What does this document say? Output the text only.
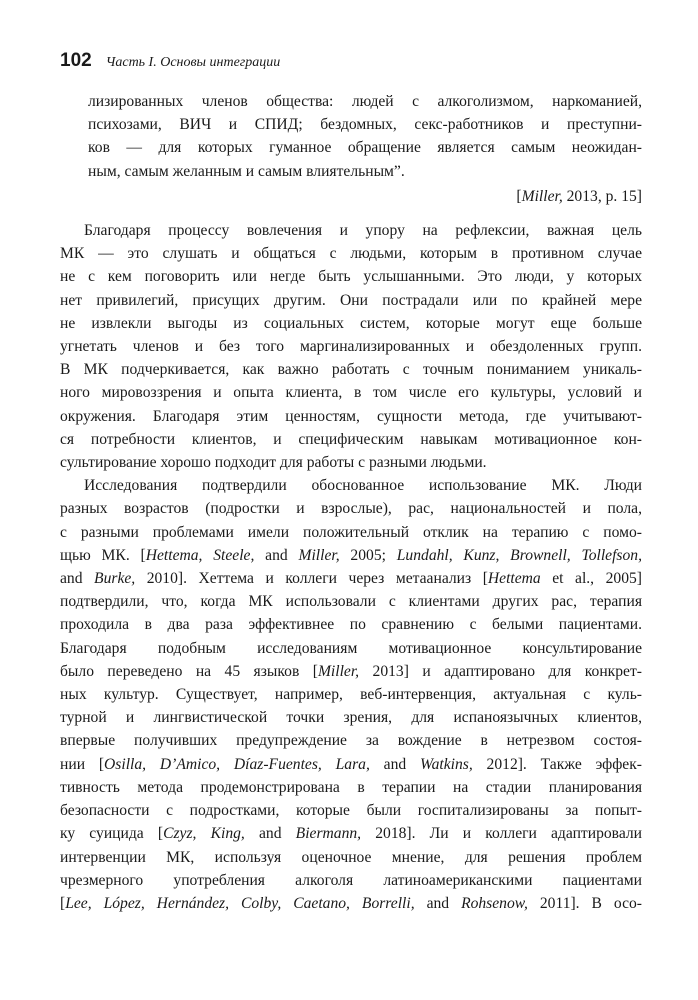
102 Часть I. Основы интеграции
лизированных членов общества: людей с алкоголизмом, наркоманией,
психозами, ВИЧ и СПИД; бездомных, секс-работников и преступни-
ков — для которых гуманное обращение является самым неожидан-
ным, самым желанным и самым влиятельным”.
[Miller, 2013, p. 15]
Благодаря процессу вовлечения и упору на рефлексии, важная цель
МК — это слушать и общаться с людьми, которым в противном случае
не с кем поговорить или негде быть услышанными. Это люди, у которых
нет привилегий, присущих другим. Они пострадали или по крайней мере
не извлекли выгоды из социальных систем, которые могут еще больше
угнетать членов и без того маргинализированных и обездоленных групп.
В МК подчеркивается, как важно работать с точным пониманием уникаль-
ного мировоззрения и опыта клиента, в том числе его культуры, условий и
окружения. Благодаря этим ценностям, сущности метода, где учитывают-
ся потребности клиентов, и специфическим навыкам мотивационное кон-
сультирование хорошо подходит для работы с разными людьми.
Исследования подтвердили обоснованное использование МК. Люди
разных возрастов (подростки и взрослые), рас, национальностей и пола,
с разными проблемами имели положительный отклик на терапию с помо-
щью МК. [Hettema, Steele, and Miller, 2005; Lundahl, Kunz, Brownell, Tollefson,
and Burke, 2010]. Хеттема и коллеги через метаанализ [Hettema et al., 2005]
подтвердили, что, когда МК использовали с клиентами других рас, терапия
проходила в два раза эффективнее по сравнению с белыми пациентами.
Благодаря подобным исследованиям мотивационное консультирование
было переведено на 45 языков [Miller, 2013] и адаптировано для конкрет-
ных культур. Существует, например, веб-интервенция, актуальная с куль-
турной и лингвистической точки зрения, для испаноязычных клиентов,
впервые получивших предупреждение за вождение в нетрезвом состоя-
нии [Osilla, D’Amico, Díaz-Fuentes, Lara, and Watkins, 2012]. Также эффек-
тивность метода продемонстрирована в терапии на стадии планирования
безопасности с подростками, которые были госпитализированы за попыт-
ку суицида [Czyz, King, and Biermann, 2018]. Ли и коллеги адаптировали
интервенции МК, используя оценочное мнение, для решения проблем
чрезмерного употребления алкоголя латиноамериканскими пациентами
[Lee, López, Hernández, Colby, Caetano, Borrelli, and Rohsenow, 2011]. В осо-
